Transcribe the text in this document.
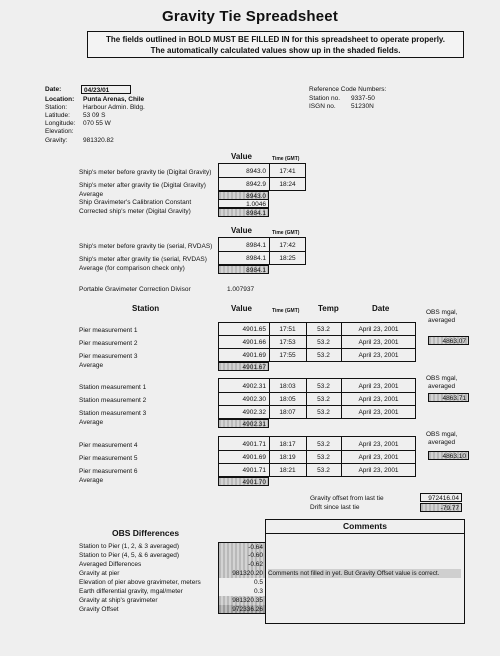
Gravity Tie Spreadsheet
The fields outlined in BOLD MUST BE FILLED IN for this spreadsheet to operate properly.
The automatically calculated values show up in the shaded fields.
Date:	04/23/01
Location: Punta Arenas, Chile
Station: Harbour Admin. Bldg.
Latitude: 53 09 S
Longitude: 070 55 W
Elevation:
Gravity: 981320.82
Reference Code Numbers:
Station no. 9337-50
ISGN no. 51230N
Value	Time (GMT)
Ship's meter before gravity tie (Digital Gravity)	8943.0	17:41
Ship's meter after gravity tie (Digital Gravity)	8942.9	18:24
Average	8943.0
Ship Gravimeter's Calibration Constant	1.0046
Corrected ship's meter (Digital Gravity)	8984.1
Value	Time (GMT)
Ship's meter before gravity tie (serial, RVDAS)	8984.1	17:42
Ship's meter after gravity tie (serial, RVDAS)	8984.1	18:25
Average (for comparison check only)	8984.1
Portable Gravimeter Correction Divisor	1.007937
Station	Value	Time (GMT) Temp	Date	OBS mgal,
averaged
Pier measurement 1	4901.65	17:51	53.2	April 23, 2001
Pier measurement 2	4901.66	17:53	53.2	April 23, 2001
Pier measurement 3	4901.69	17:55	53.2	April 23, 2001
Average	4901.67
4863.07
OBS mgal,
averaged
Station measurement 1	4902.31	18:03	53.2	April 23, 2001
Station measurement 2	4902.30	18:05	53.2	April 23, 2001
Station measurement 3	4902.32	18:07	53.2	April 23, 2001
Average	4902.31
4863.71
OBS mgal,
averaged
Pier measurement 4	4901.71	18:17	53.2	April 23, 2001
Pier measurement 5	4901.69	18:19	53.2	April 23, 2001
Pier measurement 6	4901.71	18:21	53.2	April 23, 2001
Average	4901.70
4863.10
Gravity offset from last tie	972416.04
Drift since last tie	-79.77
OBS Differences
Station to Pier (1, 2, & 3 averaged)	-0.64
Station to Pier (4, 5, & 6 averaged)	-0.60
Averaged Differences	-0.62
Gravity at pier	981320.20
Elevation of pier above gravimeter, meters	0.5
Earth differential gravity, mgal/meter	0.3
Gravity at ship's gravimeter	981320.35
Gravity Offset	972336.26
Comments
Comments not filled in yet. But Gravity Offset value is correct.
